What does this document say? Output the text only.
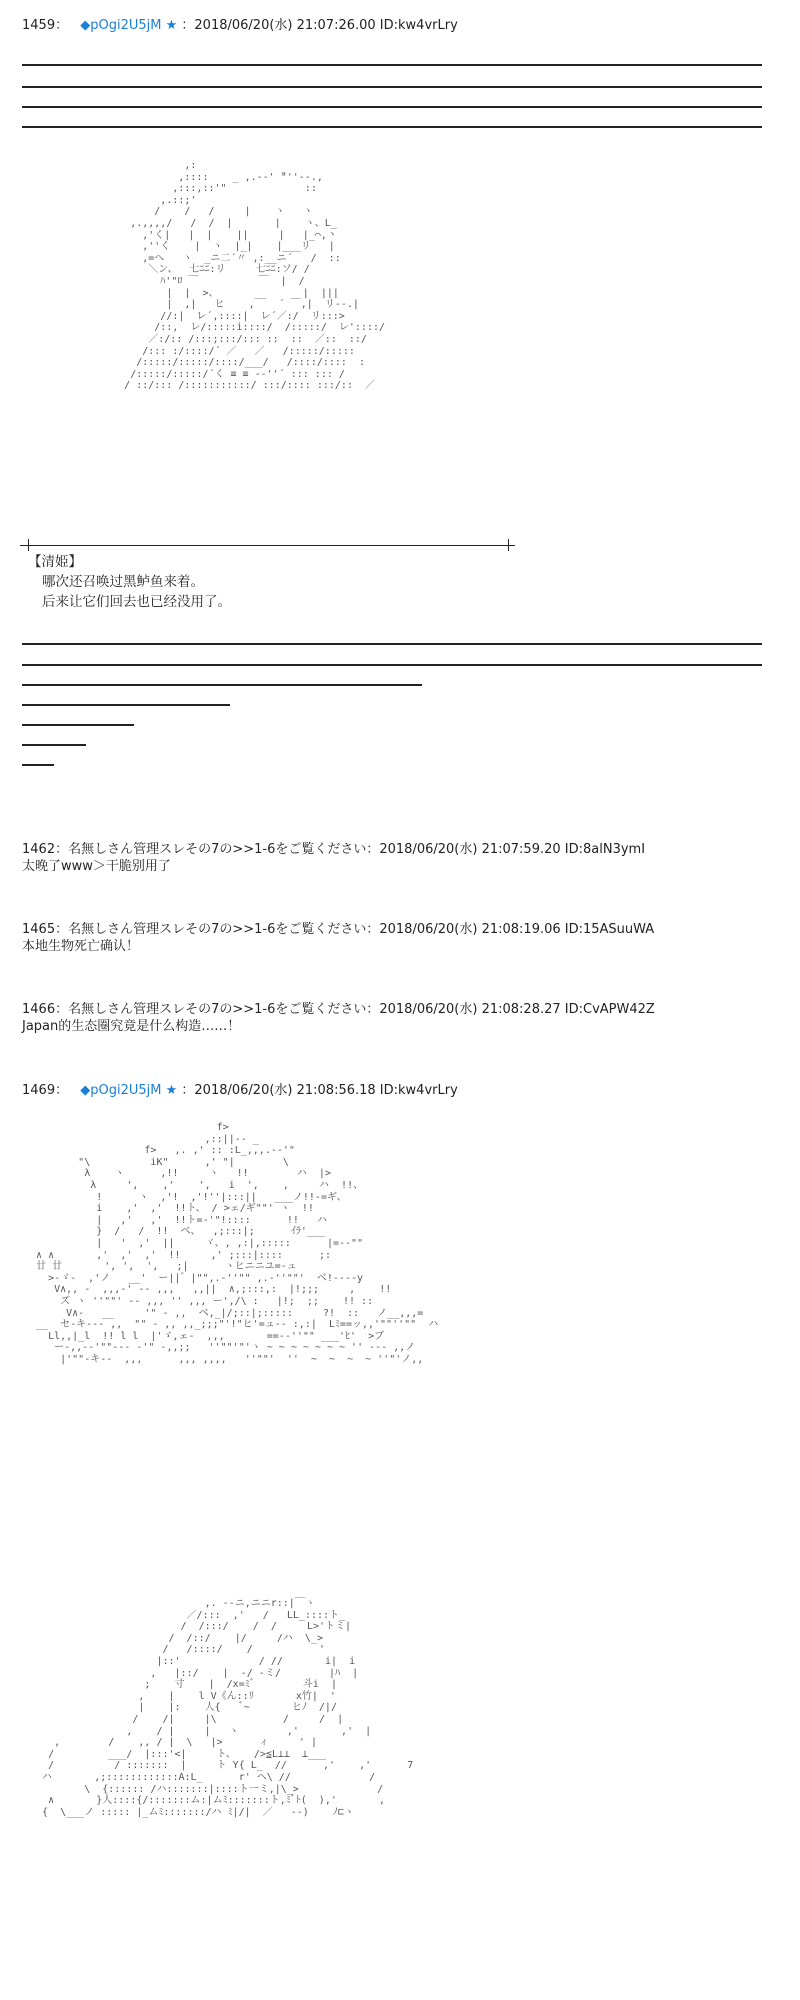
1459： ◆pOgi2U5jM ★ ：2018/06/20(水) 21:07:26.00 ID:kw4vrLry
,:
,::::    _ ,.-‐' ̄"''‐-.,
,:::,::'"             ::
,.::;'
/    /   /     |    ヽ   ヽ
,.,,,,/   /  /  |       |    ヽ、L_
,'く|   |  |    ||     |   |_⌒,丶
,''く    |  ヽ  |_|    |___リ   |
,=へ   ヽ  _ニ二´〃 ,:__ニ´   /  ::
＼ン、  七ﾆﾆ:リ     七ﾆﾆ:ソ/ /
ﾊ'"ﾛ ￣          ￣  |  /
|  |  >、      __      |  |||
|  ,|   ヒ    ,    ´ ￣,|  リ‐-.|
//:|  レ´,::::|  レ´／:/  リ:::>
/::,  レ/:::::i::::/  /:::::/  レ'::::/
／:/:: /:::;:::/::: ::  ::  ／::  ::/
/::: :/::::/´ ／   ／   /:::::/:::::
/:::::/:::::/::::/___/   /::::/::::  :
/:::::/:::::/´く ≡ ≡ --''´ ::: ::: /
/ ::/::: /:::::::::::/ :::/:::: :::/::  ／
【清姫】
哪次还召唤过黑鲈鱼来着。
后来让它们回去也已经没用了。
1462：名無しさん管理スレその7の>>1-6をご覧ください：2018/06/20(水) 21:07:59.20 ID:8alN3ymI
太晚了www＞干脆别用了
1465：名無しさん管理スレその7の>>1-6をご覧ください：2018/06/20(水) 21:08:19.06 ID:15ASuuWA
本地生物死亡确认！
1466：名無しさん管理スレその7の>>1-6をご覧ください：2018/06/20(水) 21:08:28.27 ID:CvAPW42Z
Japan的生态圈究竟是什么构造……！
1469： ◆pOgi2U5jM ★ ：2018/06/20(水) 21:08:56.18 ID:kw4vrLry
f>
,::||-- _
f>   ,. ,' :: :L_,,,.--'"
"\          iK"      ,' "|        \
λ    ヽ      ,!!     ヽ   !!        ハ  |>
λ     ',    ,'    ',   i  ',    ,     ハ  !!、
!      ヽ  ,'!  ,'!''|:::||   ___ノ!!‐=ギ、
i    ,'  ,'  !!ト、 / >ェ/ギ""' ヽ  !!
|   ,'   ,'  !!ト=-'"!::::      !!   ハ
}  /   /  !!  ベ、  ,;:::|;      ｲﾗ'___
|   '  ,'  ||     ヾ、, ,:|,:::::      |=--""
∧ ∧       ,'  ,'  ,'  !!     ,' ;:::|::::      ;:
廿 廿       ', ',  ',   ;|      ヽヒニニユ=-ュ
>-ゞ-  ,'ノ   __'  ー||゛|"",.-''"" ,.-''""'  ベ!----y
V∧,, -  ,,,-' -- ,,,   ,,||  ∧,;:::,:  |!;;;     ,    !!
ズ ヽ ''""' -- ,,, '' ,,, ー',/\ :   |!;  ;;    !! ::
V∧-   __     '" - ,,  ベ,_|/;::|;:::::     ?!  ::   ノ__,,,=
__  セ-キ-‐- ,,  "" - ,, ,,_;;;"'!"ヒ'=ュ-- :,:|  Lﾐ==ッ,,'""''""  ハ
Ll,,|_l  !! l l  |'ゞ,ェ-  ,,,       ==--''"" ___'ﾋ'  >ブ
ー-,,--'""‐-- -'" -,,;;   ''""'"'ヽ ~ ~ ~ ~ ~ ~ ~ '' --- ,,ノ
|'""‐キ--  ,,,      ,,, ,,,,   ''""'  ''  ~  ~  ~  ~ ''"'ノ,,
,. -‐ニ,ニニr::|￣ヽ
／/:::  ,'   /   LL_::::ト_
/  /:::/    /  /     L>'トミ|
/  /::/    |/     /ハ  \_>
/   /::::/    /           '
|::'             / //       i|  i
,   |::/    |  -/ -ミ/        |ﾊ  |
;    寸    |  /x=ﾐﾞ        斗i  |
,    |    l V《ん::ﾘ       x竹|  '
|    |:    人{   ﾞ~       ヒﾉ  /|/
/    /|     |\           /     /  |
,    / |     |   ヽ        ,'       ,'  |
,        /    ,, / |  \   |>      ィ     ' |
/         ___/  |:::'<|     ト、   />≦L⊥⊥  ⊥___
/          / :::::::  |     ト Y{ L_  //      ,'    ,'      7
ハ       ,;::::::::::::A:L_      r' ヘ\ //             /
\  {:::::: /ハ:::::::|::::ト一ミ,|\_>             /
∧       }人::::{/:::::::ム:|ムﾐ:::::::ト,ﾐﾞﾄ(  ),'       ,
{  \___ノ ::::: |_ムﾐ:::::::/ハ ﾐ|/|  ／   ‐‐)    ﾉ⊏ヽ
